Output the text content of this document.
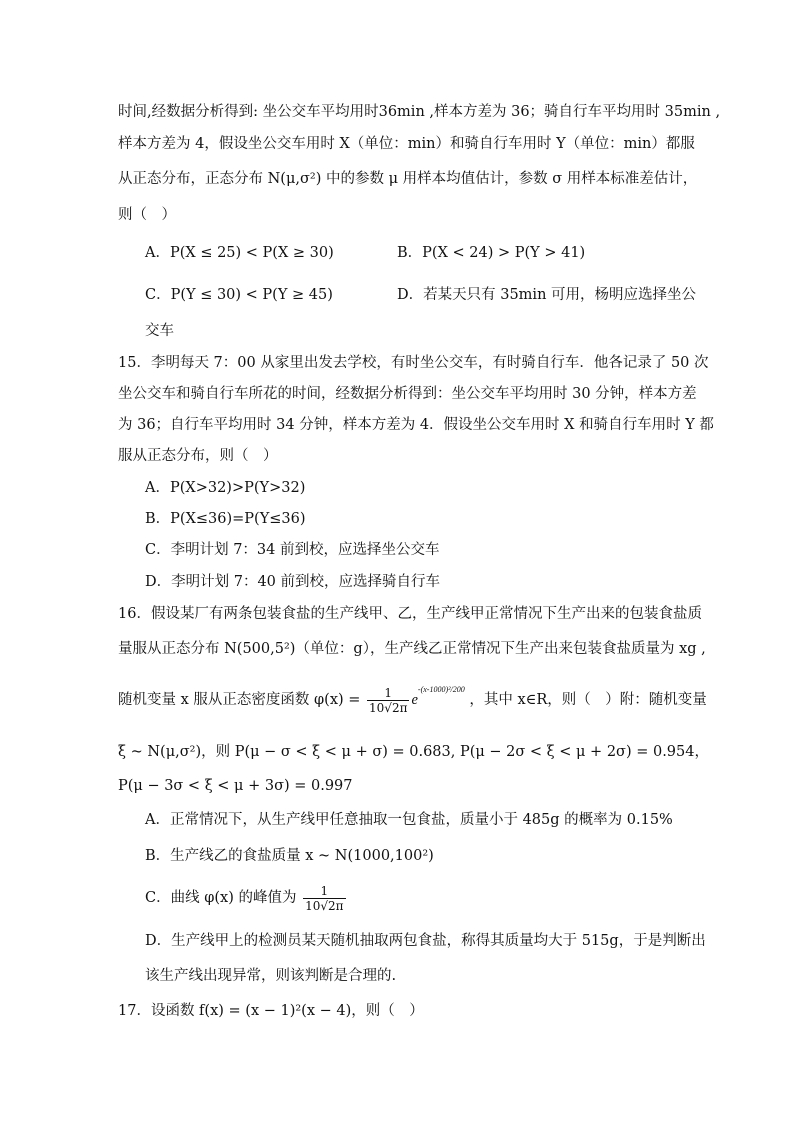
时间,经数据分析得到: 坐公交车平均用时36min ,样本方差为 36；骑自行车平均用时 35min ,
样本方差为 4，假设坐公交车用时 X（单位：min）和骑自行车用时 Y（单位：min）都服
从正态分布，正态分布 N(μ,σ²) 中的参数 μ 用样本均值估计，参数 σ 用样本标准差估计，
则（　）
A．P(X ≤ 25) < P(X ≥ 30)	B．P(X < 24) > P(Y > 41)
C．P(Y ≤ 30) < P(Y ≥ 45)	D．若某天只有 35min 可用，杨明应选择坐公
交车
15．李明每天 7：00 从家里出发去学校，有时坐公交车，有时骑自行车．他各记录了 50 次
坐公交车和骑自行车所花的时间，经数据分析得到：坐公交车平均用时 30 分钟，样本方差
为 36；自行车平均用时 34 分钟，样本方差为 4．假设坐公交车用时 X 和骑自行车用时 Y 都
服从正态分布，则（　）
A．P(X>32)>P(Y>32)
B．P(X≤36)=P(Y≤36)
C．李明计划 7：34 前到校，应选择坐公交车
D．李明计划 7：40 前到校，应选择骑自行车
16．假设某厂有两条包装食盐的生产线甲、乙，生产线甲正常情况下生产出来的包装食盐质
量服从正态分布 N(500,5²)（单位：g），生产线乙正常情况下生产出来包装食盐质量为 xg ,
随机变量 x 服从正态密度函数 $\varphi(x) = \frac{1}{10√2\pi} e^{-(x-1000)^2/200}$ ，其中 x∈R，则（　）附：随机变量
ξ ~ N(μ,σ²)，则 P(μ − σ < ξ < μ + σ) = 0.683, P(μ − 2σ < ξ < μ + 2σ) = 0.954，
P(μ − 3σ < ξ < μ + 3σ) = 0.997
A．正常情况下，从生产线甲任意抽取一包食盐，质量小于 485g 的概率为 0.15%
B．生产线乙的食盐质量 x ~ N(1000,100²)
C．曲线 φ(x) 的峰值为 $\frac{1}{10√2\pi}$
D．生产线甲上的检测员某天随机抽取两包食盐，称得其质量均大于 515g，于是判断出
该生产线出现异常，则该判断是合理的.
17．设函数 f(x) = (x − 1)²(x − 4)，则（　）
